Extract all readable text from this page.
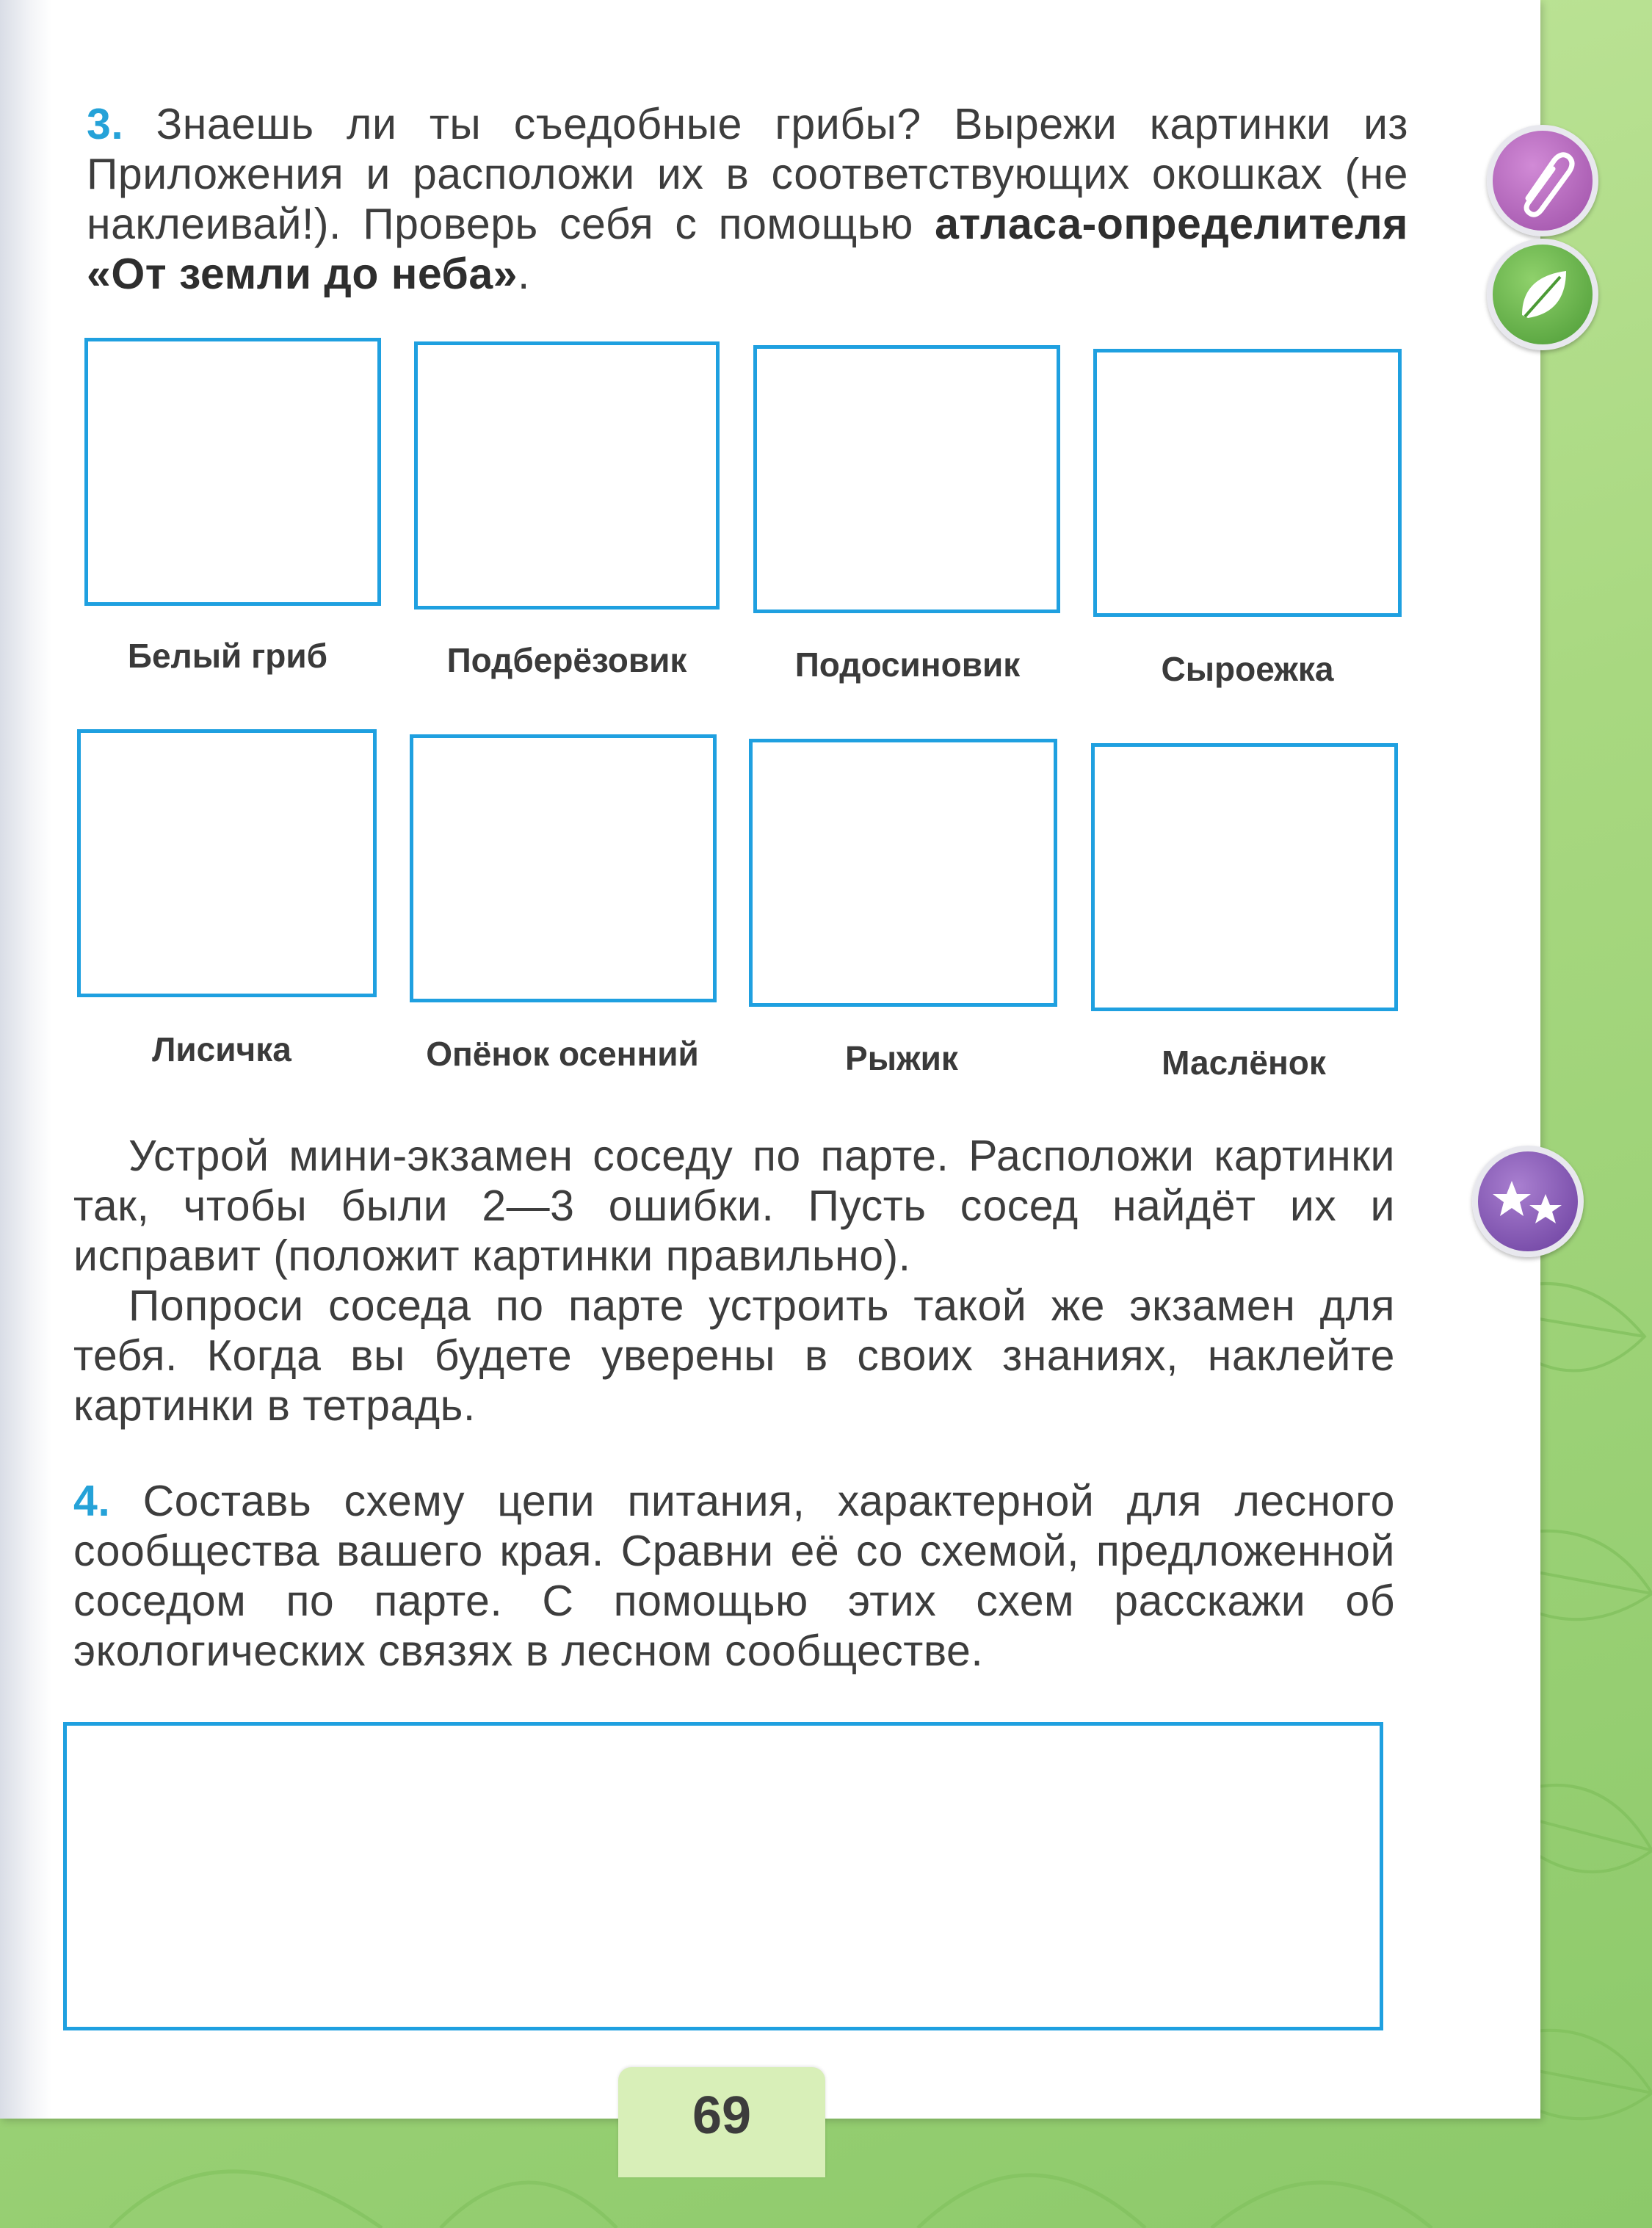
3. Знаешь ли ты съедобные грибы? Вырежи картинки из Приложения и расположи их в соответствующих окошках (не наклеивай!). Проверь себя с помощью атласа-определителя «От земли до неба».
Белый гриб	Подберёзовик	Подосиновик	Сыроежка
Лисичка	Опёнок осенний	Рыжик	Маслёнок
Устрой мини-экзамен соседу по парте. Расположи картинки так, чтобы были 2—3 ошибки. Пусть сосед найдёт их и исправит (положит картинки правильно).
Попроси соседа по парте устроить такой же экзамен для тебя. Когда вы будете уверены в своих знаниях, наклейте картинки в тетрадь.
4. Составь схему цепи питания, характерной для лесного сообщества вашего края. Сравни её со схемой, предложенной соседом по парте. С помощью этих схем расскажи об экологических связях в лесном сообществе.
69
